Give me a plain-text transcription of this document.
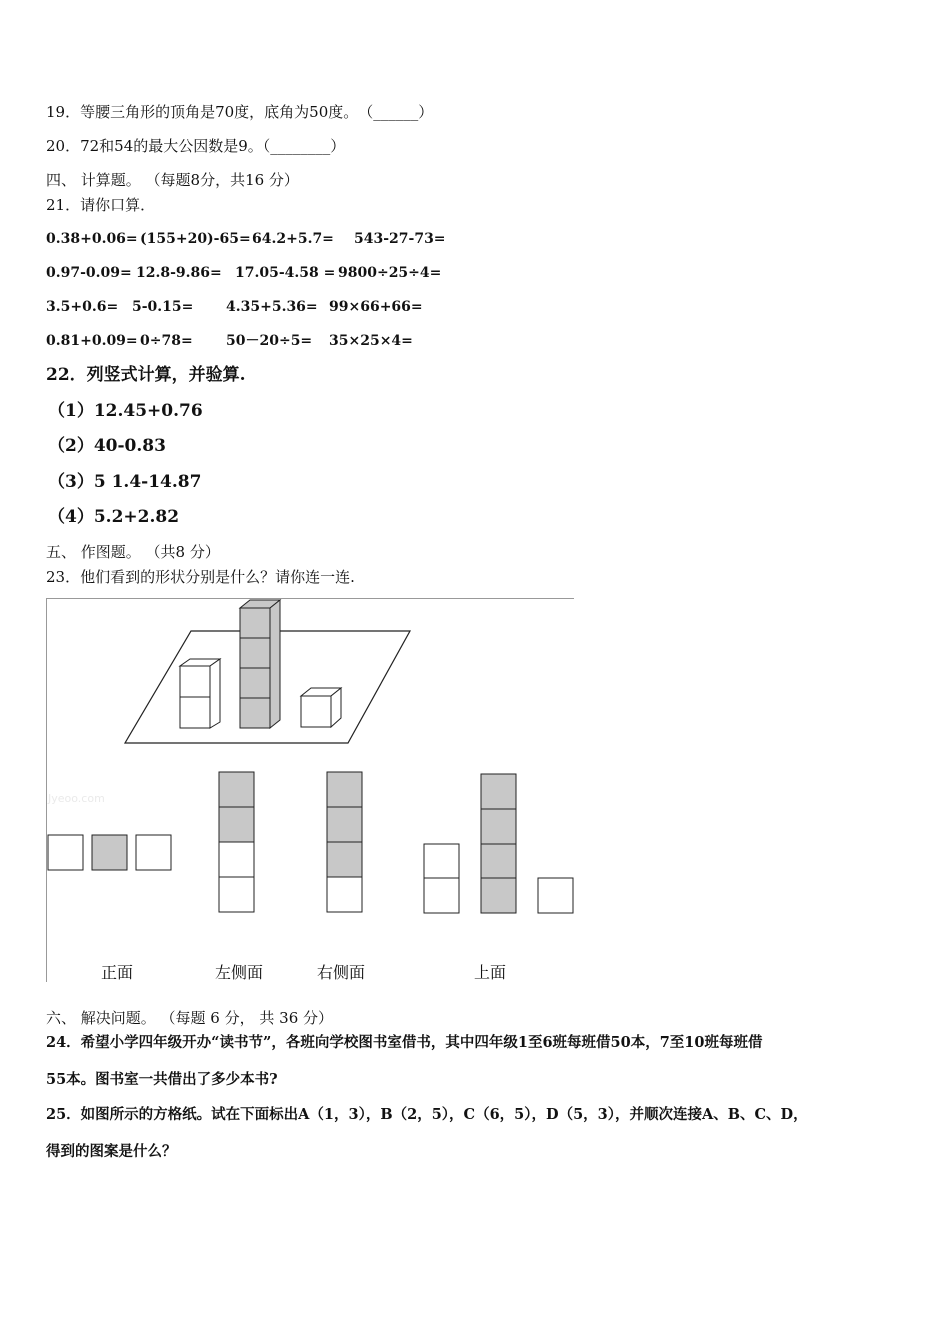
19．等腰三角形的顶角是70度，底角为50度。　（______）
20．72和54的最大公因数是9。（________）
四、 计算题。 （每题8分，共16 分）
21．请你口算．
0.38+0.06= (155+20)-65= 64.2+5.7= 543-27-73=
0.97-0.09= 12.8-9.86= 17.05-4.58 = 9800÷25÷4=
3.5+0.6= 5-0.15= 4.35+5.36= 99×66+66=
0.81+0.09= 0÷78= 50－20÷5= 35×25×4=
22．列竖式计算，并验算.
（1）12.45+0.76
（2）40-0.83
（3）5 1.4-14.87
（4）5.2+2.82
五、 作图题。 （共8 分）
23．他们看到的形状分别是什么？请你连一连.
Jyeoo.com
正面	左侧面	右侧面	上面
六、 解决问题。 （每题 6 分， 共 36 分）
24．希望小学四年级开办“读书节”，各班向学校图书室借书，其中四年级1至6班每班借50本，7至10班每班借
55本。图书室一共借出了多少本书?
25．如图所示的方格纸。试在下面标出A（1，3），B（2，5），C（6，5），D（5，3），并顺次连接A、B、C、D，
得到的图案是什么？
